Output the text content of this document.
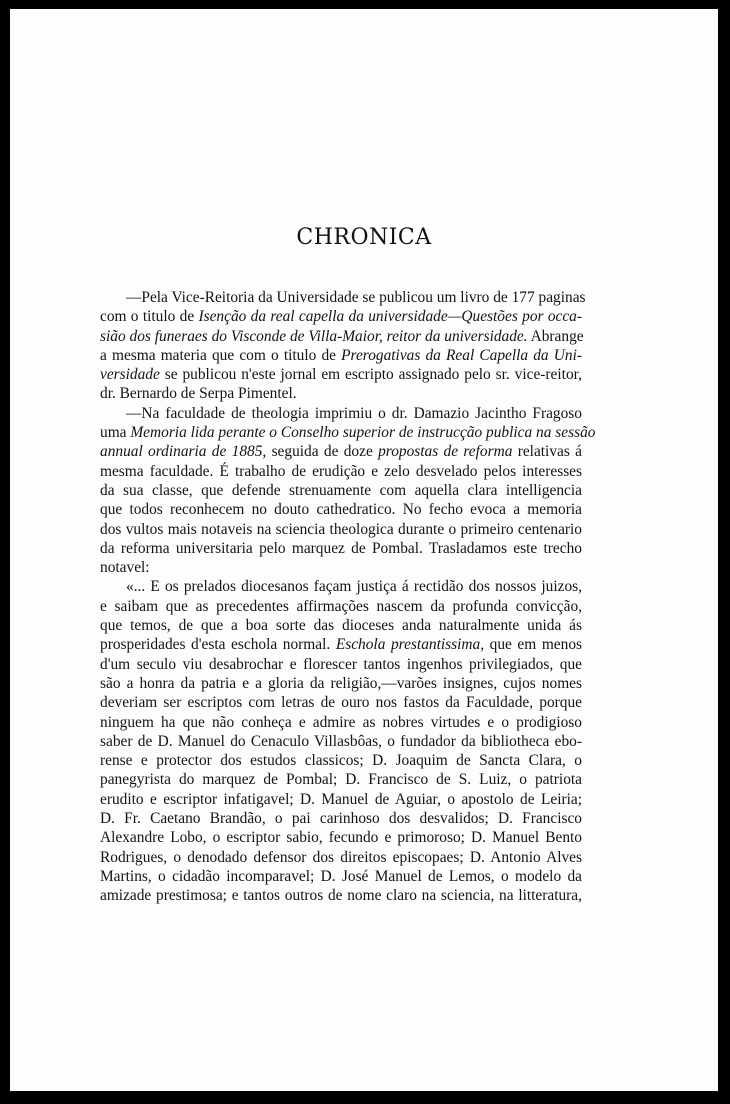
CHRONICA
—Pela Vice-Reitoria da Universidade se publicou um livro de 177 paginas
com o titulo de Isenção da real capella da universidade—Questões por occa-
sião dos funeraes do Visconde de Villa-Maior, reitor da universidade. Abrange
a mesma materia que com o titulo de Prerogativas da Real Capella da Uni-
versidade se publicou n'este jornal em escripto assignado pelo sr. vice-reitor,
dr. Bernardo de Serpa Pimentel.
—Na faculdade de theologia imprimiu o dr. Damazio Jacintho Fragoso
uma Memoria lida perante o Conselho superior de instrucção publica na sessão
annual ordinaria de 1885, seguida de doze propostas de reforma relativas á
mesma faculdade. É trabalho de erudição e zelo desvelado pelos interesses
da sua classe, que defende strenuamente com aquella clara intelligencia
que todos reconhecem no douto cathedratico. No fecho evoca a memoria
dos vultos mais notaveis na sciencia theologica durante o primeiro centenario
da reforma universitaria pelo marquez de Pombal. Trasladamos este trecho
notavel:
«... E os prelados diocesanos façam justiça á rectidão dos nossos juizos,
e saibam que as precedentes affirmações nascem da profunda convicção,
que temos, de que a boa sorte das dioceses anda naturalmente unida ás
prosperidades d'esta eschola normal. Eschola prestantissima, que em menos
d'um seculo viu desabrochar e florescer tantos ingenhos privilegiados, que
são a honra da patria e a gloria da religião,—varões insignes, cujos nomes
deveriam ser escriptos com letras de ouro nos fastos da Faculdade, porque
ninguem ha que não conheça e admire as nobres virtudes e o prodigioso
saber de D. Manuel do Cenaculo Villasbôas, o fundador da bibliotheca ebo-
rense e protector dos estudos classicos; D. Joaquim de Sancta Clara, o
panegyrista do marquez de Pombal; D. Francisco de S. Luiz, o patriota
erudito e escriptor infatigavel; D. Manuel de Aguiar, o apostolo de Leiria;
D. Fr. Caetano Brandão, o pai carinhoso dos desvalidos; D. Francisco
Alexandre Lobo, o escriptor sabio, fecundo e primoroso; D. Manuel Bento
Rodrigues, o denodado defensor dos direitos episcopaes; D. Antonio Alves
Martins, o cidadão incomparavel; D. José Manuel de Lemos, o modelo da
amizade prestimosa; e tantos outros de nome claro na sciencia, na litteratura,
